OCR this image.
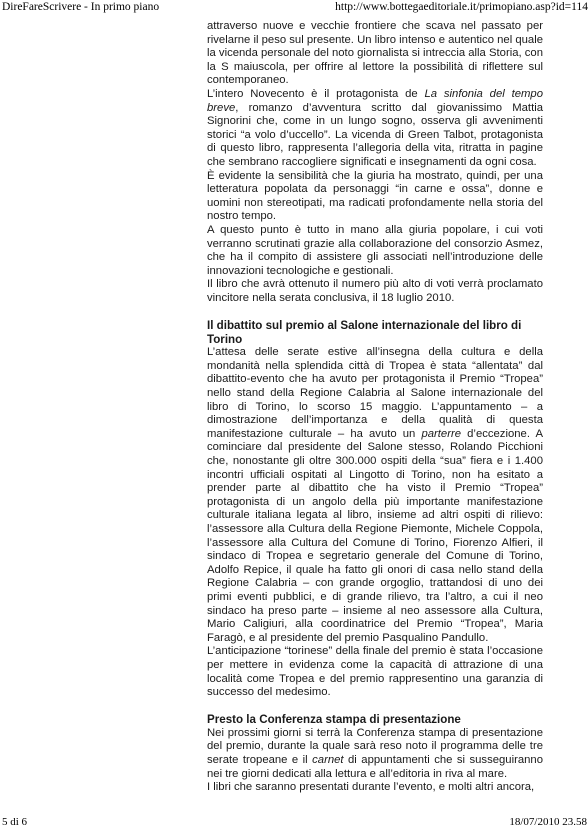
DireFareScrivere - In primo piano	http://www.bottegaeditoriale.it/primopiano.asp?id=114

attraverso nuove e vecchie frontiere che scava nel passato per rivelarne il peso sul presente. Un libro intenso e autentico nel quale la vicenda personale del noto giornalista si intreccia alla Storia, con la S maiuscola, per offrire al lettore la possibilità di riflettere sul contemporaneo.

L’intero Novecento è il protagonista de La sinfonia del tempo breve, romanzo d’avventura scritto dal giovanissimo Mattia Signorini che, come in un lungo sogno, osserva gli avvenimenti storici “a volo d’uccello”. La vicenda di Green Talbot, protagonista di questo libro, rappresenta l’allegoria della vita, ritratta in pagine che sembrano raccogliere significati e insegnamenti da ogni cosa.

È evidente la sensibilità che la giuria ha mostrato, quindi, per una letteratura popolata da personaggi “in carne e ossa”, donne e uomini non stereotipati, ma radicati profondamente nella storia del nostro tempo.

A questo punto è tutto in mano alla giuria popolare, i cui voti verranno scrutinati grazie alla collaborazione del consorzio Asmez, che ha il compito di assistere gli associati nell’introduzione delle innovazioni tecnologiche e gestionali.

Il libro che avrà ottenuto il numero più alto di voti verrà proclamato vincitore nella serata conclusiva, il 18 luglio 2010.

Il dibattito sul premio al Salone internazionale del libro di Torino

L’attesa delle serate estive all’insegna della cultura e della mondanità nella splendida città di Tropea è stata “allentata” dal dibattito-evento che ha avuto per protagonista il Premio “Tropea” nello stand della Regione Calabria al Salone internazionale del libro di Torino, lo scorso 15 maggio. L’appuntamento – a dimostrazione dell’importanza e della qualità di questa manifestazione culturale – ha avuto un parterre d’eccezione. A cominciare dal presidente del Salone stesso, Rolando Picchioni che, nonostante gli oltre 300.000 ospiti della “sua” fiera e i 1.400 incontri ufficiali ospitati al Lingotto di Torino, non ha esitato a prender parte al dibattito che ha visto il Premio “Tropea” protagonista di un angolo della più importante manifestazione culturale italiana legata al libro, insieme ad altri ospiti di rilievo: l’assessore alla Cultura della Regione Piemonte, Michele Coppola, l’assessore alla Cultura del Comune di Torino, Fiorenzo Alfieri, il sindaco di Tropea e segretario generale del Comune di Torino, Adolfo Repice, il quale ha fatto gli onori di casa nello stand della Regione Calabria – con grande orgoglio, trattandosi di uno dei primi eventi pubblici, e di grande rilievo, tra l’altro, a cui il neo sindaco ha preso parte – insieme al neo assessore alla Cultura, Mario Caligiuri, alla coordinatrice del Premio “Tropea”, Maria Faragò, e al presidente del premio Pasqualino Pandullo.

L’anticipazione “torinese” della finale del premio è stata l’occasione per mettere in evidenza come la capacità di attrazione di una località come Tropea e del premio rappresentino una garanzia di successo del medesimo.

Presto la Conferenza stampa di presentazione

Nei prossimi giorni si terrà la Conferenza stampa di presentazione del premio, durante la quale sarà reso noto il programma delle tre serate tropeane e il carnet di appuntamenti che si susseguiranno nei tre giorni dedicati alla lettura e all’editoria in riva al mare.

I libri che saranno presentati durante l’evento, e molti altri ancora,

5 di 6	18/07/2010 23.58
